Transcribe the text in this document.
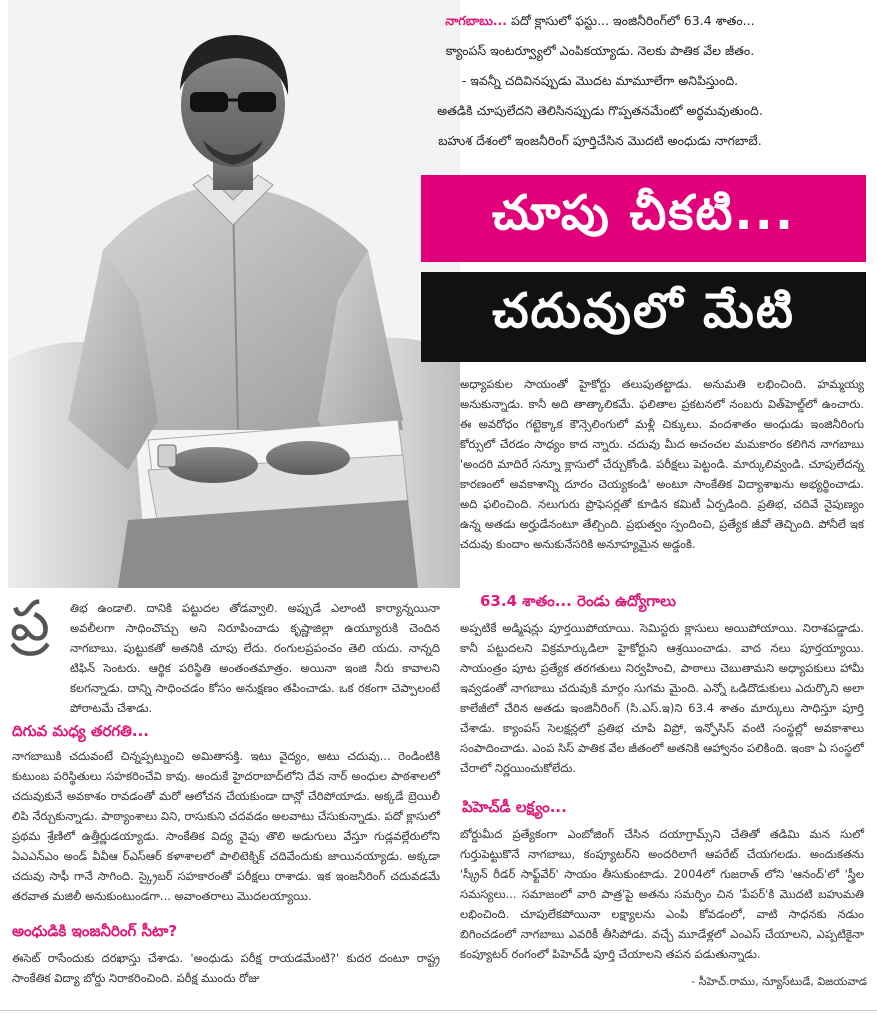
నాగబాబు... పదో క్లాసులో ఫస్టు... ఇంజినీరింగ్‌లో 63.4 శాతం...
క్యాంపస్‌ ఇంటర్వ్యూలో ఎంపికయ్యాడు. నెలకు పాతిక వేల జీతం.
- ఇవన్నీ చదివినప్పుడు మొదట మామూలేగా అనిపిస్తుంది.
అతడికి చూపులేదని తెలిసినప్పుడు గొప్పతనమేంటో అర్థమవుతుంది.
బహుశ దేశంలో ఇంజనీరింగ్‌ పూర్తిచేసిన మొదటి అంధుడు నాగబాబే.
చూపు చీకటి...
చదువులో మేటి

అధ్యాపకుల సాయంతో హైకోర్టు తలుపుతట్టాడు. అనుమతి లభించింది. హమ్మయ్య అనుకున్నాడు. కానీ అది తాత్కాలికమే. ఫలితాల ప్రకటనలో నంబరు విత్‌హెల్డ్‌లో ఉంచారు. ఈ అవరోధం గట్టెక్కాక కౌన్సెలింగులో మళ్లీ చిక్కులు. వందశాతం అంధుడు ఇంజినీరింగు కోర్సులో చేరడం సాధ్యం కాద న్నారు. చదువు మీద అచంచల మమకారం కలిగిన నాగబాబు 'అందరి మాదిరే సన్నూ క్లాసులో చేర్చుకోండి. పరీక్షలు పెట్టండి. మార్కులివ్వండి. చూపులేదన్న కారణంలో అవకాశాన్ని దూరం చెయ్యకండి' అంటూ సాంకేతిక విద్యాశాఖను అభ్యర్థించాడు. అది ఫలించింది. నలుగురు ప్రొఫెసర్లతో కూడిన కమిటీ ఏర్పడింది. ప్రతిభ, చదివే నైపుణ్యం ఉన్న అతడు అర్హుడేనంటూ తేల్చింది. ప్రభుత్వం స్పందించి, ప్రత్యేక జీవో తెచ్చింది. పోనీలే ఇక చదువు కుందాం అనుకునేసరికి అనూహ్యమైన అడ్డంకి.

63.4 శాతం... రెండు ఉద్యోగాలు

అప్పటికే అడ్మిషన్లు పూర్తయిపోయాయి. సెమిస్టరు క్లాసులు అయిపోయాయి. నిరాశపడ్డాడు. కానీ పట్టుదలని విక్రమార్కుడిలా హైకోర్టుని ఆశ్రయించాడు. వాద నలు పూర్తయ్యాయి. సాయంత్రం పూట ప్రత్యేక తరగతులు నిర్వహించి, పాఠాలు చెబుతామని అధ్యాపకులు హామీ ఇవ్వడంతో నాగబాబు చదువుకి మార్గం సుగమ మైంది. ఎన్నో ఒడిదొడుకులు ఎదుర్కొని అలా కాలేజీలో చేరిన అతడు ఇంజినీరింగ్‌ (సి.ఎస్‌.ఇ)ని 63.4 శాతం మార్కులు సాధిస్తూ పూర్తి చేశాడు. క్యాంపస్‌ సెలక్షన్లలో ప్రతిభ చూపి విప్రో, ఇన్ఫోసిస్‌ వంటి సంస్థల్లో అవకాశాలు సంపాదించాడు. ఎంప సిస్‌ పాతిక వేల జీతంలో అతనికి ఆహ్వానం పలికింది. ఇంకా ఏ సంస్థలో చేరాలో నిర్ణయించుకోలేదు.

పిహెచ్‌డీ లక్ష్యం...

బోర్డుమీద ప్రత్యేకంగా ఎంబోజింగ్‌ చేసిన దయాగ్రామ్స్‌ని చేతితో తడిమి మన సులో గుర్తుపెట్టుకొనే నాగబాబు, కంప్యూటర్‌ని అందరిలాగే ఆపరేట్‌ చేయగలడు. అందుకతను 'స్క్రీన్‌ రీడర్‌ సాఫ్ట్‌వేర్‌' సాయం తీసుకుంటాడు. 2004లో గుజరాత్‌ లోని 'ఆనంద్‌'లో 'స్త్రీల సమస్యలు... సమాజంలో వారి పాత్ర'పై అతను సమర్పిం చిన 'పేపర్‌'కి మొదటి బహుమతి లభించింది. చూపులేకపోయినా లక్ష్యాలను ఎంపి కోవడంలో, వాటి సాధనకు నడుం బిగించడంలో నాగబాబు ఎవరికీ తీసిపోడు. వచ్చే మూడేళ్లలో ఎంఎస్‌ చేయాలని, ఎప్పటికైనా కంప్యూటర్‌ రంగంలో పిహెచ్‌డీ పూర్తి చేయాలని తపన పడుతున్నాడు.

- సీహెచ్‌.రాము, న్యూస్‌టుడే, విజయవాడ
ప్ర తిభ ఉండాలి. దానికి పట్టుదల తోడవ్వాలి. అప్పుడే ఎలాంటి కార్యాన్నయినా అవలీలగా సాధించొచ్చు అని నిరూపించాడు కృష్ణాజిల్లా ఉయ్యూరుకి చెందిన నాగబాబు. పుట్టుకతో అతనికి చూపు లేదు. రంగులప్రపంచం తెలి యదు. నాన్నది టిఫిన్‌ సెంటరు. ఆర్థిక పరిస్థితి అంతంతమాత్రం. అయినా ఇంజి నీరు కావాలని కలగన్నాడు. దాన్ని సాధించడం కోసం అనుక్షణం తపించాడు. ఒక రకంగా చెప్పాలంటే పోరాటమే చేశాడు.

దిగువ మధ్య తరగతి...

నాగబాబుకి చదువంటే చిన్నప్పట్నుంచి అమితాసక్తి. ఇటు వైద్యం, అటు చదువు... రెండింటికి కుటుంబ పరిస్థితులు సహకరించేవి కావు. అందుకే హైదరాబాద్‌లోని దేవ నార్‌ అంధుల పాఠశాలలో చదువుకునే అవకాశం రావడంతో మరో ఆలోచన చేయకుండా దాన్లో చేరిపోయాడు. అక్కడే బ్రెయిలీ లిపి నేర్చుకున్నాడు. పాఠ్యాంశాలు విని, రాసుకుని చదవడం అలవాటు చేసుకున్నాడు. పదో క్లాసులో ప్రథమ శ్రేణిలో ఉత్తీర్ణుడయ్యాడు. సాంకేతిక విద్య వైపు తొలి అడుగులు వేస్తూ గుడ్లవల్లేరులోని ఏఎఎన్‌ఎం అండ్‌ వీవీఆ ర్‌ఎస్‌ఆర్‌ కళాశాలలో పాలిటెక్నిక్‌ చదివేందుకు జాయినయ్యాడు. అక్కడా చదువు సాఫీ గానే సాగింది. స్క్రైబర్‌ సహకారంతో పరీక్షలు రాశాడు. ఇక ఇంజనీరింగ్‌ చదువడమే తరవాత మజిలీ అనుకుంటుండగా... అవాంతరాలు మొదలయ్యాయి.

అంధుడికి ఇంజనీరింగ్‌ సీటా?

ఈసెట్‌ రాసేందుకు దరఖాస్తు చేశాడు. 'అంధుడు పరీక్ష రాయడమేంటి?' కుదర దంటూ రాష్ట్ర సాంకేతిక విద్యా బోర్డు నిరాకరించింది. పరీక్ష ముందు రోజు
